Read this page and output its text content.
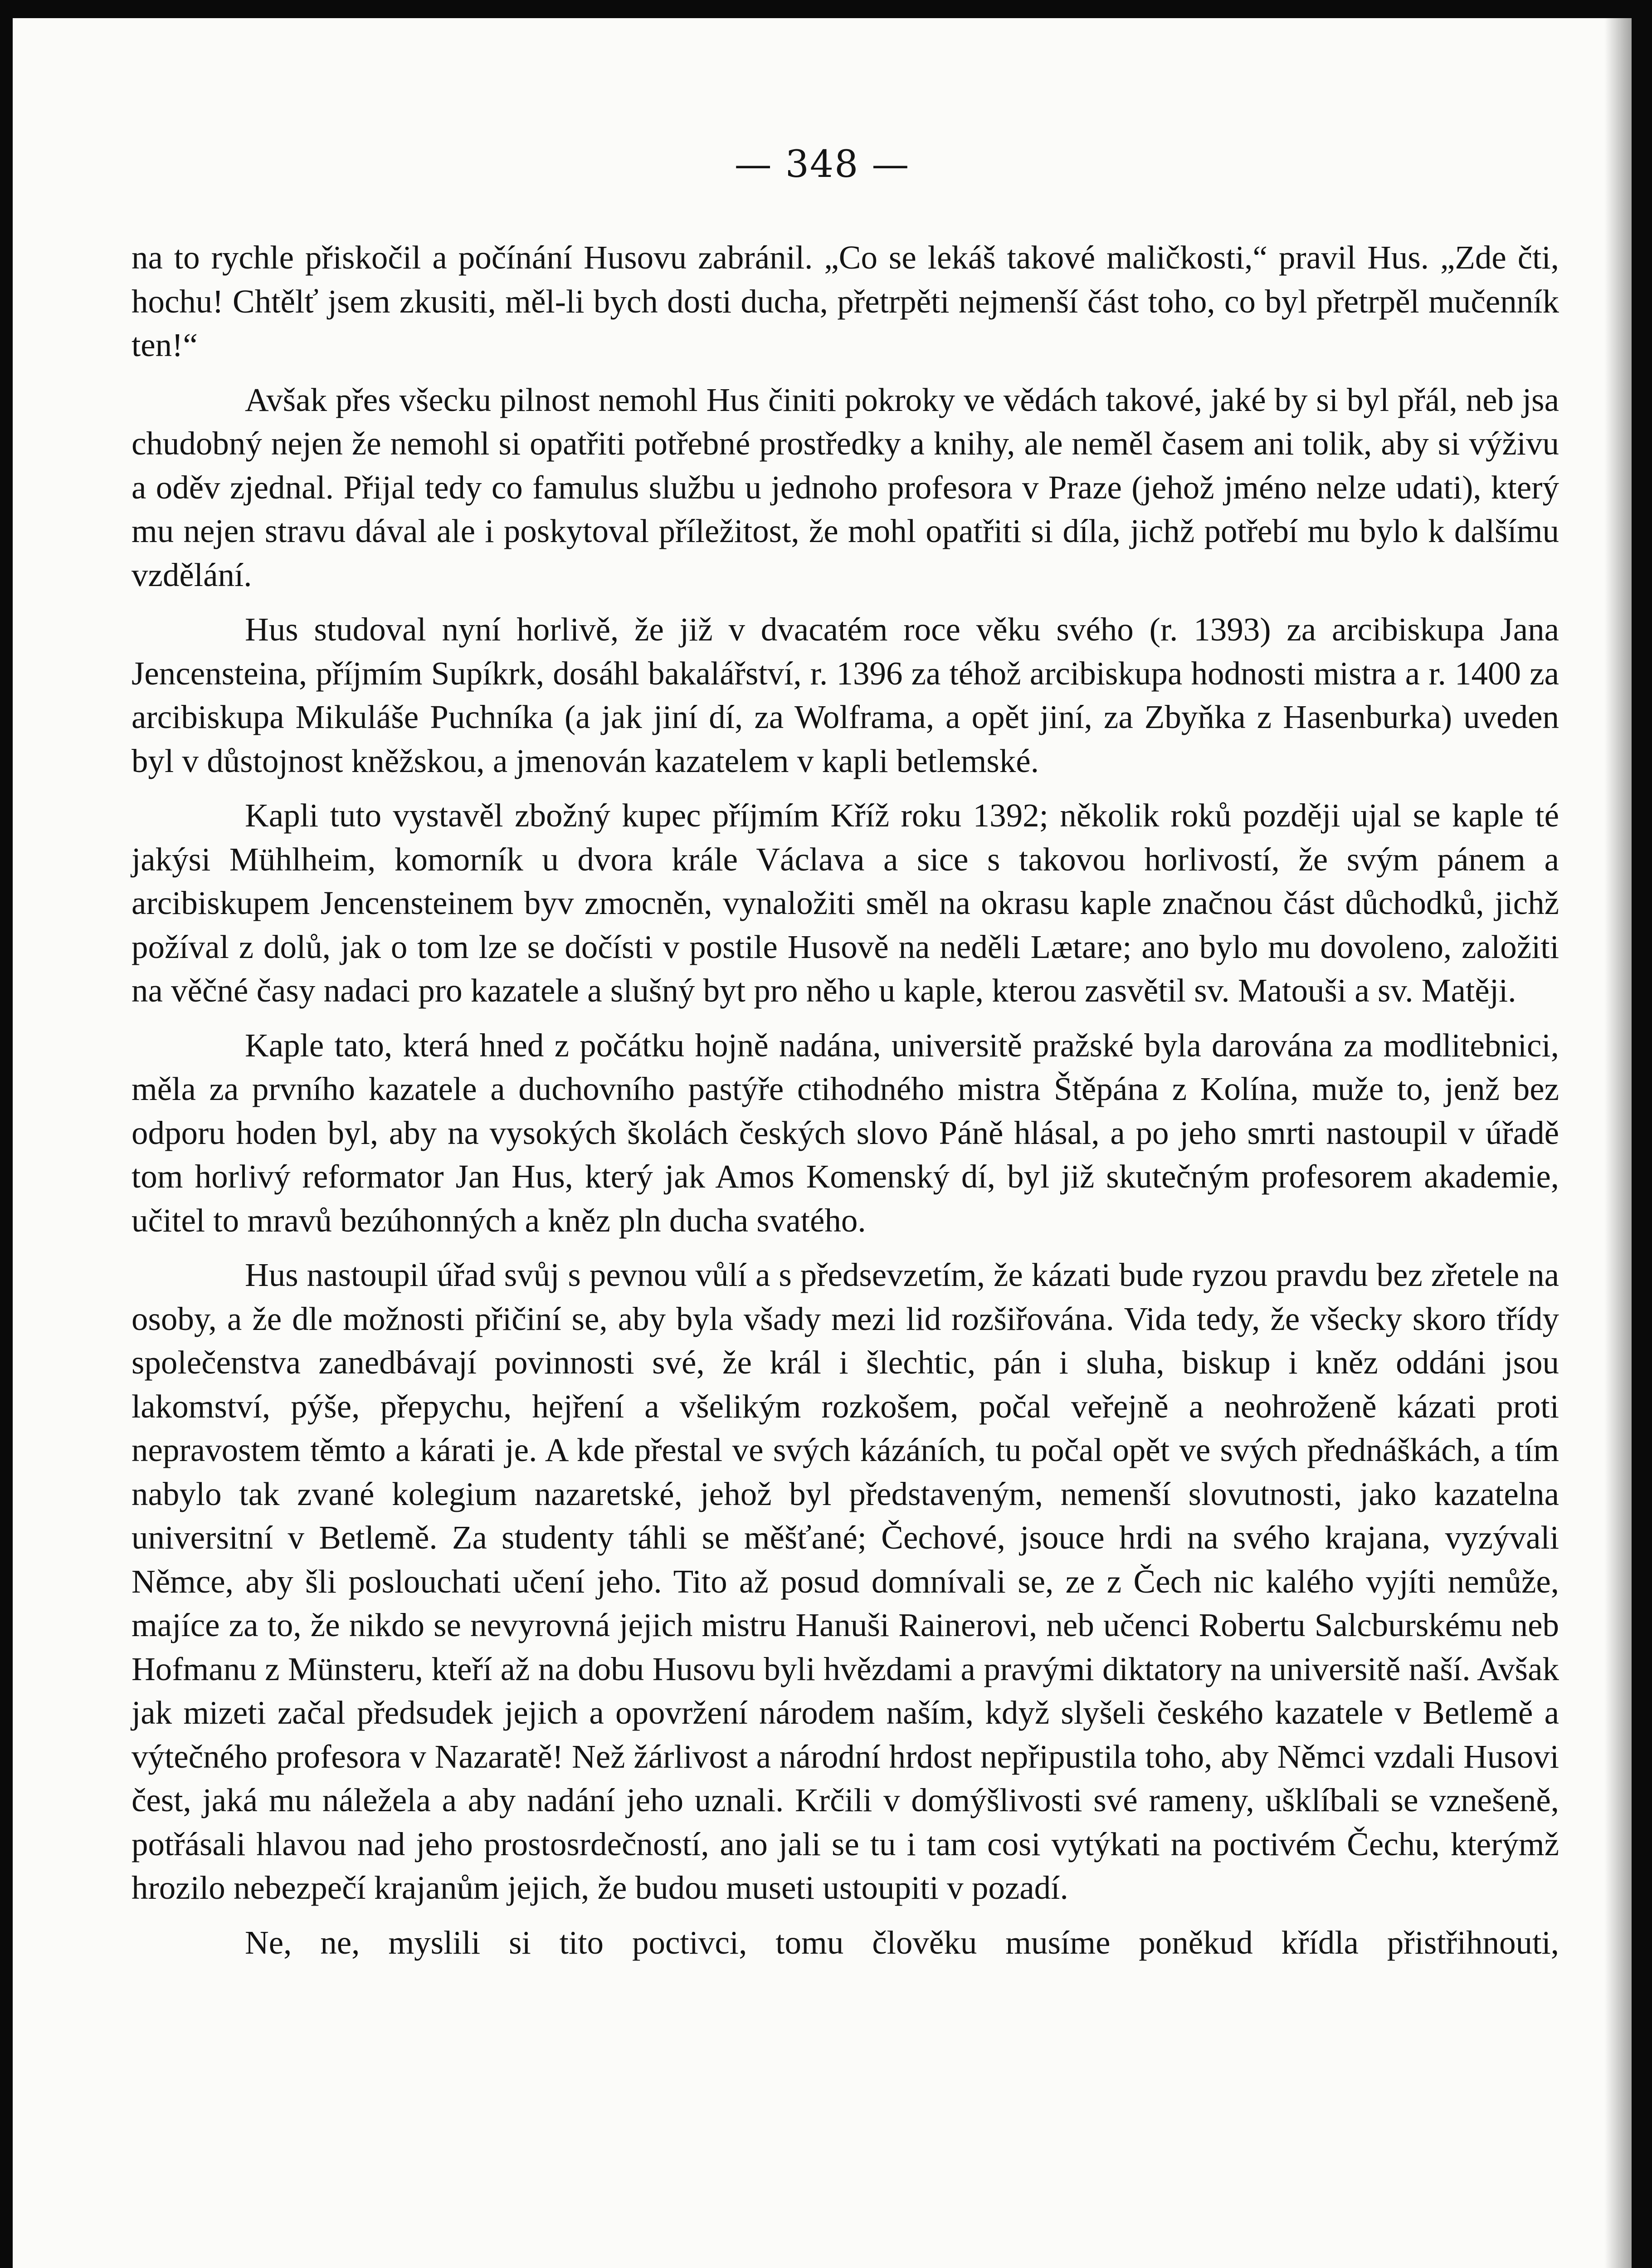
— 348 —

na to rychle přiskočil a počínání Husovu zabránil. „Co se lekáš takové maličkosti,“ pravil Hus. „Zde čti, hochu! Chtělť jsem zkusiti, měl-li bych dosti ducha, přetrpěti nejmenší část toho, co byl přetrpěl mučenník ten!“

Avšak přes všecku pilnost nemohl Hus činiti pokroky ve vědách takové, jaké by si byl přál, neb jsa chudobný nejen že nemohl si opatřiti potřebné prostředky a knihy, ale neměl časem ani tolik, aby si výživu a oděv zjednal. Přijal tedy co famulus službu u jednoho profesora v Praze (jehož jméno nelze udati), který mu nejen stravu dával ale i poskytoval příležitost, že mohl opatřiti si díla, jichž potřebí mu bylo k dalšímu vzdělání.

Hus studoval nyní horlivě, že již v dvacatém roce věku svého (r. 1393) za arcibiskupa Jana Jencensteina, příjmím Supíkrk, dosáhl bakalářství, r. 1396 za téhož arcibiskupa hodnosti mistra a r. 1400 za arcibiskupa Mikuláše Puchníka (a jak jiní dí, za Wolframa, a opět jiní, za Zbyňka z Hasenburka) uveden byl v důstojnost kněžskou, a jmenován kazatelem v kapli betlemské.

Kapli tuto vystavěl zbožný kupec příjmím Kříž roku 1392; několik roků později ujal se kaple té jakýsi Mühlheim, komorník u dvora krále Václava a sice s takovou horlivostí, že svým pánem a arcibiskupem Jencensteinem byv zmocněn, vynaložiti směl na okrasu kaple značnou část důchodků, jichž požíval z dolů, jak o tom lze se dočísti v postile Husově na neděli Lætare; ano bylo mu dovoleno, založiti na věčné časy nadaci pro kazatele a slušný byt pro něho u kaple, kterou zasvětil sv. Matouši a sv. Matěji.

Kaple tato, která hned z počátku hojně nadána, universitě pražské byla darována za modlitebnici, měla za prvního kazatele a duchovního pastýře ctihodného mistra Štěpána z Kolína, muže to, jenž bez odporu hoden byl, aby na vysokých školách českých slovo Páně hlásal, a po jeho smrti nastoupil v úřadě tom horlivý reformator Jan Hus, který jak Amos Komenský dí, byl již skutečným profesorem akademie, učitel to mravů bezúhonných a kněz pln ducha svatého.

Hus nastoupil úřad svůj s pevnou vůlí a s předsevzetím, že kázati bude ryzou pravdu bez zřetele na osoby, a že dle možnosti přičiní se, aby byla všady mezi lid rozšiřována. Vida tedy, že všecky skoro třídy společenstva zanedbávají povinnosti své, že král i šlechtic, pán i sluha, biskup i kněz oddáni jsou lakomství, pýše, přepychu, hejření a všelikým rozkošem, počal veřejně a neohroženě kázati proti nepravostem těmto a kárati je. A kde přestal ve svých kázáních, tu počal opět ve svých přednáškách, a tím nabylo tak zvané kolegium nazaretské, jehož byl představeným, nemenší slovutnosti, jako kazatelna universitní v Betlemě. Za studenty táhli se měšťané; Čechové, jsouce hrdi na svého krajana, vyzývali Němce, aby šli poslouchati učení jeho. Tito až posud domnívali se, ze z Čech nic kalého vyjíti nemůže, majíce za to, že nikdo se nevyrovná jejich mistru Hanuši Rainerovi, neb učenci Robertu Salcburskému neb Hofmanu z Münsteru, kteří až na dobu Husovu byli hvězdami a pravými diktatory na universitě naší. Avšak jak mizeti začal předsudek jejich a opovržení národem naším, když slyšeli českého kazatele v Betlemě a výtečného profesora v Nazaratě! Než žárlivost a národní hrdost nepřipustila toho, aby Němci vzdali Husovi čest, jaká mu náležela a aby nadání jeho uznali. Krčili v domýšlivosti své rameny, ušklíbali se vznešeně, potřásali hlavou nad jeho prostosrdečností, ano jali se tu i tam cosi vytýkati na poctivém Čechu, kterýmž hrozilo nebezpečí krajanům jejich, že budou museti ustoupiti v pozadí.

Ne, ne, myslili si tito poctivci, tomu člověku musíme poněkud křídla přistřihnouti,
